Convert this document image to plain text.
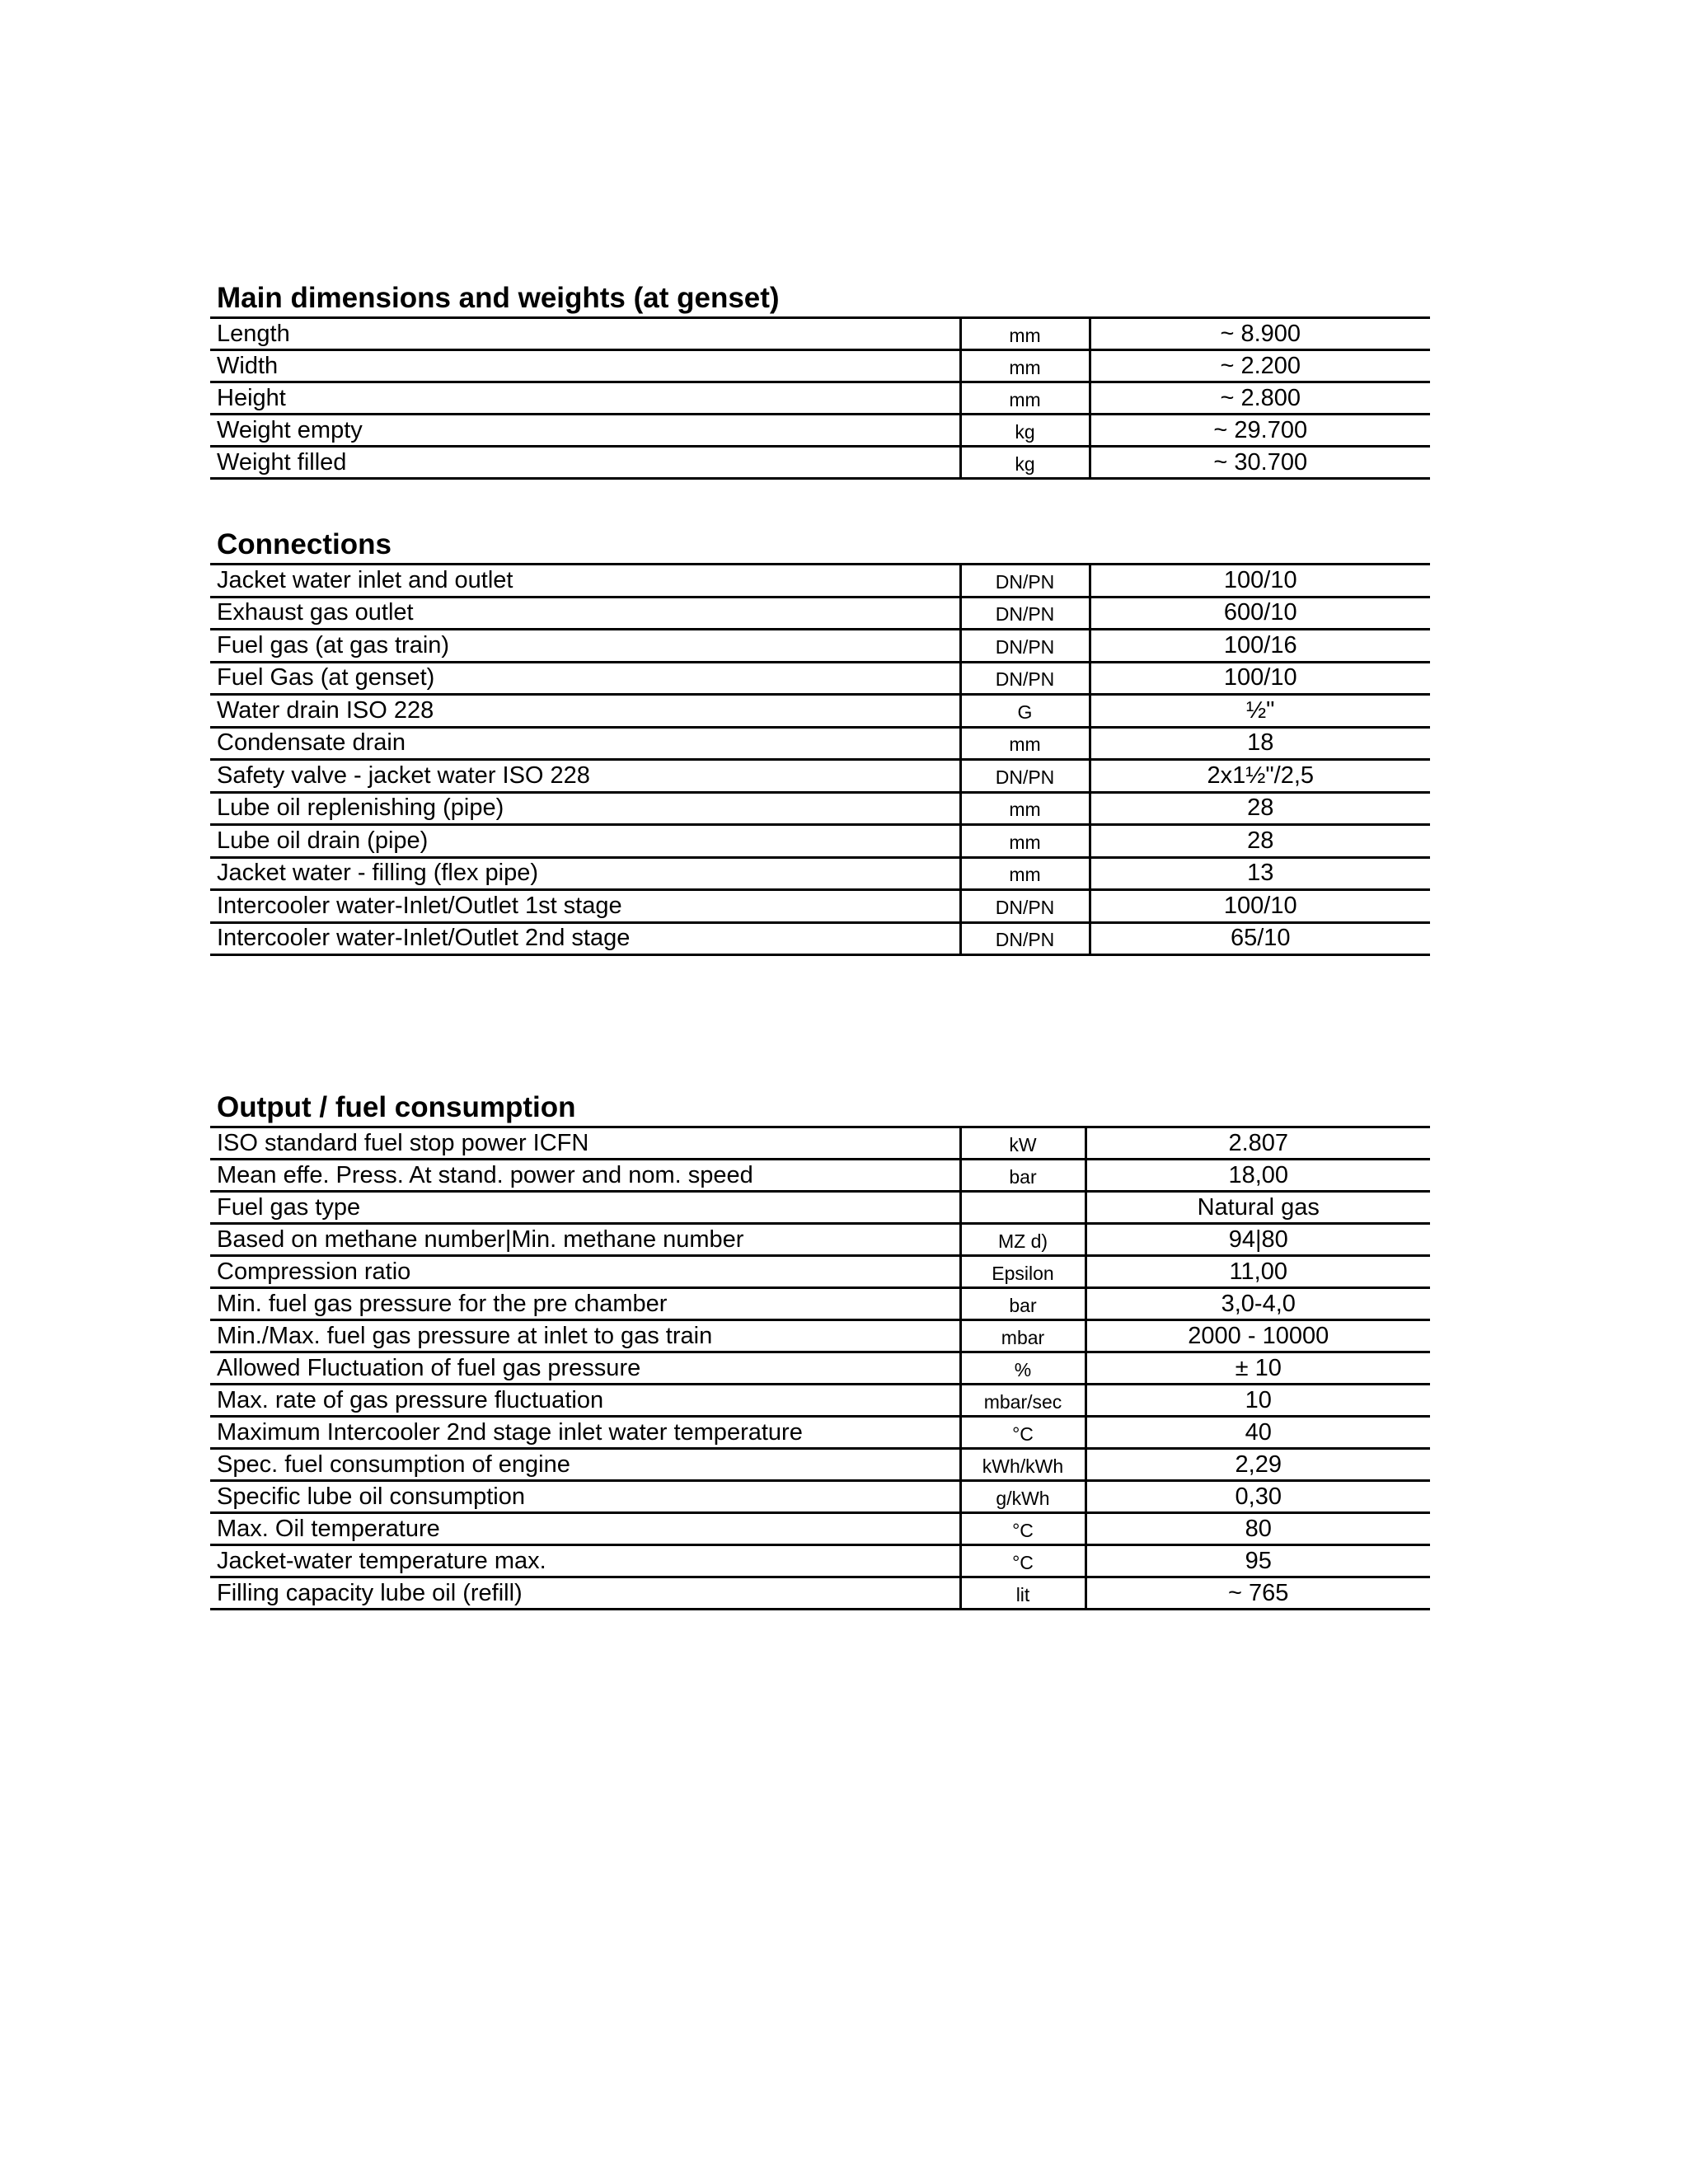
Main dimensions and weights (at genset)
Length	mm	~ 8.900
Width	mm	~ 2.200
Height	mm	~ 2.800
Weight empty	kg	~ 29.700
Weight filled	kg	~ 30.700
Connections
Jacket water inlet and outlet	DN/PN	100/10
Exhaust gas outlet	DN/PN	600/10
Fuel gas (at gas train)	DN/PN	100/16
Fuel Gas (at genset)	DN/PN	100/10
Water drain ISO 228	G	½"
Condensate drain	mm	18
Safety valve - jacket water ISO 228	DN/PN	2x1½"/2,5
Lube oil replenishing (pipe)	mm	28
Lube oil drain (pipe)	mm	28
Jacket water - filling (flex pipe)	mm	13
Intercooler water-Inlet/Outlet 1st stage	DN/PN	100/10
Intercooler water-Inlet/Outlet 2nd stage	DN/PN	65/10
Output / fuel consumption
ISO standard fuel stop power ICFN	kW	2.807
Mean effe. Press. At stand. power and nom. speed	bar	18,00
Fuel gas type		Natural gas
Based on methane number|Min. methane number	MZ d)	94|80
Compression ratio	Epsilon	11,00
Min. fuel gas pressure for the pre chamber	bar	3,0-4,0
Min./Max. fuel gas pressure at inlet to gas train	mbar	2000 - 10000
Allowed Fluctuation of fuel gas pressure	%	± 10
Max. rate of gas pressure fluctuation	mbar/sec	10
Maximum Intercooler 2nd stage inlet water temperature	°C	40
Spec. fuel consumption of engine	kWh/kWh	2,29
Specific lube oil consumption	g/kWh	0,30
Max. Oil temperature	°C	80
Jacket-water temperature max.	°C	95
Filling capacity lube oil (refill)	lit	~ 765
